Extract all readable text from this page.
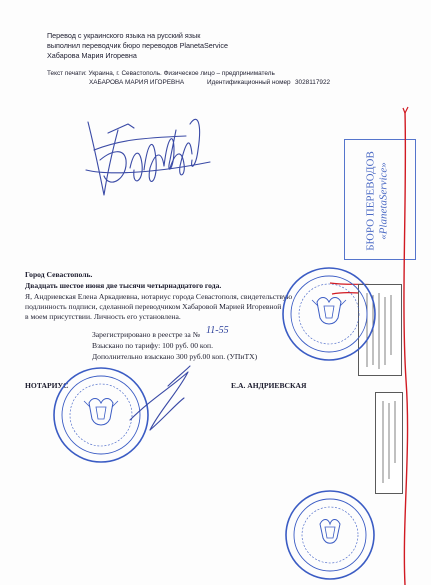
Перевод с украинского языка на русский язык
выполнил переводчик бюро переводов PlanetaService
Хабарова Мария Игоревна
Текст печати: Украина, г. Севастополь. Физическое лицо – предприниматель
ХАБАРОВА МАРИЯ ИГОРЕВНА	Идентификационный номер 3028117922
БЮРО ПЕРЕВОДОВ «PlanetaService»
Город Севастополь.
Двадцать шестое июня две тысячи четырнадцатого года.
Я, Андриевская Елена Аркадиевна, нотариус города Севастополя, свидетельствую
подлинность подписи, сделанной переводчиком Хабаровой Марией Игоревной
в моем присутствии. Личность его установлена.
Зарегистрировано в реестре за № 11-55
Взыскано по тарифу: 100 руб. 00 коп.
Дополнительно взыскано 300 руб.00 коп. (УПиТХ)
НОТАРИУС	Е.А. АНДРИЕВСКАЯ
